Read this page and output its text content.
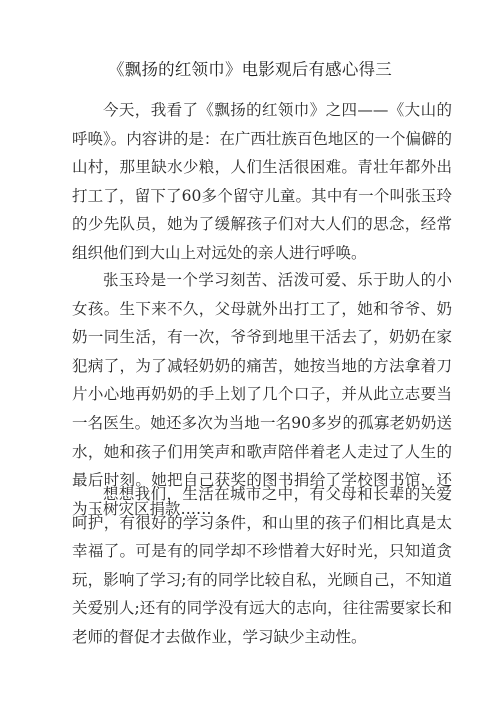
《飘扬的红领巾》电影观后有感心得三

今天，我看了《飘扬的红领巾》之四——《大山的呼唤》。内容讲的是：在广西壮族百色地区的一个偏僻的山村，那里缺水少粮，人们生活很困难。青壮年都外出打工了，留下了60多个留守儿童。其中有一个叫张玉玲的少先队员，她为了缓解孩子们对大人们的思念，经常组织他们到大山上对远处的亲人进行呼唤。

张玉玲是一个学习刻苦、活泼可爱、乐于助人的小女孩。生下来不久，父母就外出打工了，她和爷爷、奶奶一同生活，有一次，爷爷到地里干活去了，奶奶在家犯病了，为了减轻奶奶的痛苦，她按当地的方法拿着刀片小心地再奶奶的手上划了几个口子，并从此立志要当一名医生。她还多次为当地一名90多岁的孤寡老奶奶送水，她和孩子们用笑声和歌声陪伴着老人走过了人生的最后时刻。她把自己获奖的图书捐给了学校图书馆，还为玉树灾区捐款……

想想我们，生活在城市之中，有父母和长辈的关爱呵护，有很好的学习条件，和山里的孩子们相比真是太幸福了。可是有的同学却不珍惜着大好时光，只知道贪玩，影响了学习;有的同学比较自私，光顾自己，不知道关爱别人;还有的同学没有远大的志向，往往需要家长和老师的督促才去做作业，学习缺少主动性。
